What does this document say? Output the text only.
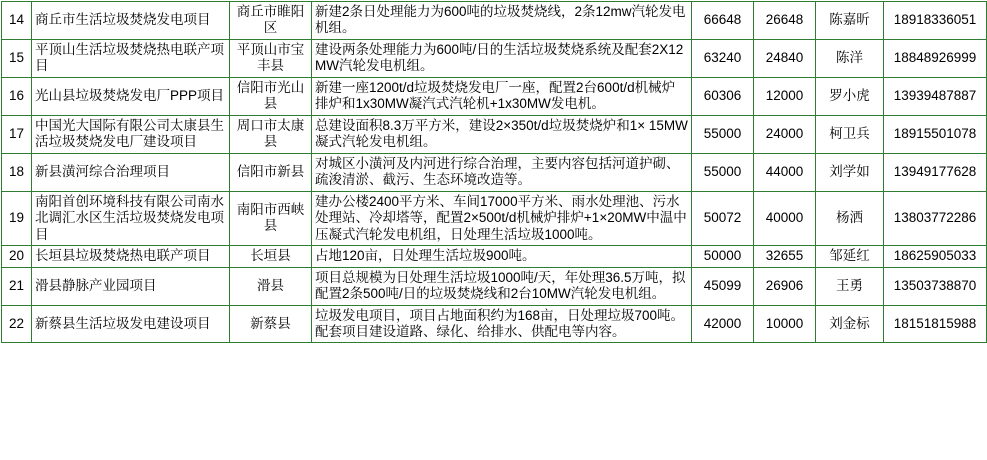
14	商丘市生活垃圾焚烧发电项目	商丘市睢阳区	新建2条日处理能力为600吨的垃圾焚烧线，2条12mw汽轮发电机组。	66648	26648	陈嘉昕	18918336051
15	平顶山生活垃圾焚烧热电联产项目	平顶山市宝丰县	建设两条处理能力为600吨/日的生活垃圾焚烧系统及配套2X12MW汽轮发电机组。	63240	24840	陈洋	18848926999
16	光山县垃圾焚烧发电厂PPP项目	信阳市光山县	新建一座1200t/d垃圾焚烧发电厂一座，配置2台600t/d机械炉排炉和1x30MW凝汽式汽轮机+1x30MW发电机。	60306	12000	罗小虎	13939487887
17	中国光大国际有限公司太康县生活垃圾焚烧发电厂建设项目	周口市太康县	总建设面积8.3万平方米，建设2×350t/d垃圾焚烧炉和1× 15MW凝式汽轮发电机组。	55000	24000	柯卫兵	18915501078
18	新县潢河综合治理项目	信阳市新县	对城区小潢河及内河进行综合治理，主要内容包括河道护砌、疏浚清淤、截污、生态环境改造等。	55000	44000	刘学如	13949177628
19	南阳首创环境科技有限公司南水北调汇水区生活垃圾焚烧发电项目	南阳市西峡县	建办公楼2400平方米、车间17000平方米、雨水处理池、污水处理站、冷却塔等，配置2×500t/d机械炉排炉+1×20MW中温中压凝式汽轮发电机组，日处理生活垃圾1000吨。	50072	40000	杨洒	13803772286
20	长垣县垃圾焚烧热电联产项目	长垣县	占地120亩，日处理生活垃圾900吨。	50000	32655	邹延红	18625905033
21	滑县静脉产业园项目	滑县	项目总规模为日处理生活垃圾1000吨/天，年处理36.5万吨，拟配置2条500吨/日的垃圾焚烧线和2台10MW汽轮发电机组。	45099	26906	王勇	13503738870
22	新蔡县生活垃圾发电建设项目	新蔡县	垃圾发电项目，项目占地面积约为168亩，日处理垃圾700吨。配套项目建设道路、绿化、给排水、供配电等内容。	42000	10000	刘金标	18151815988
